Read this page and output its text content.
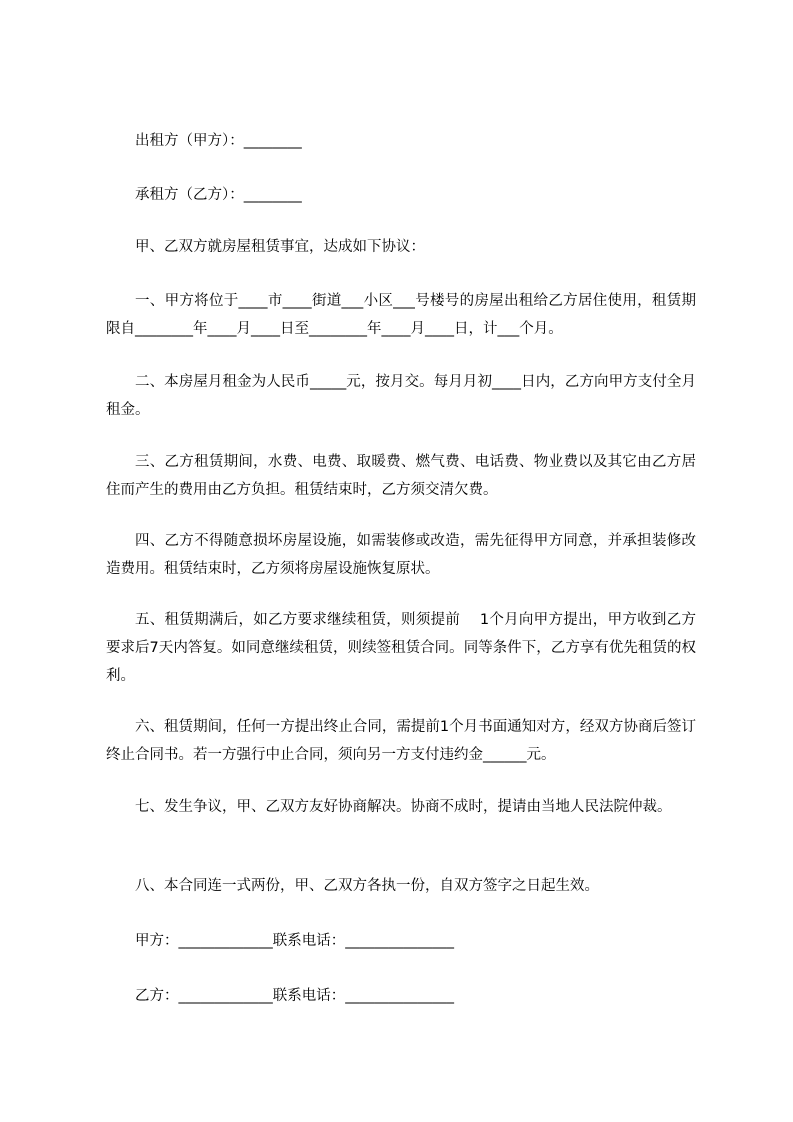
出租方（甲方）：________
承租方（乙方）：________
甲、乙双方就房屋租赁事宜，达成如下协议：
一、甲方将位于____市____街道___小区___号楼号的房屋出租给乙方居住使用，租赁期限自________年____月____日至________年____月____日，计___个月。
二、本房屋月租金为人民币_____元，按月交。每月月初____日内，乙方向甲方支付全月租金。
三、乙方租赁期间，水费、电费、取暖费、燃气费、电话费、物业费以及其它由乙方居住而产生的费用由乙方负担。租赁结束时，乙方须交清欠费。
四、乙方不得随意损坏房屋设施，如需装修或改造，需先征得甲方同意，并承担装修改造费用。租赁结束时，乙方须将房屋设施恢复原状。
五、租赁期满后，如乙方要求继续租赁，则须提前　 1个月向甲方提出，甲方收到乙方要求后7天内答复。如同意继续租赁，则续签租赁合同。同等条件下，乙方享有优先租赁的权利。
六、租赁期间，任何一方提出终止合同，需提前1个月书面通知对方，经双方协商后签订终止合同书。若一方强行中止合同，须向另一方支付违约金______元。
七、发生争议，甲、乙双方友好协商解决。协商不成时，提请由当地人民法院仲裁。
八、本合同连一式两份，甲、乙双方各执一份，自双方签字之日起生效。
甲方：_____________联系电话：_______________
乙方：_____________联系电话：_______________
